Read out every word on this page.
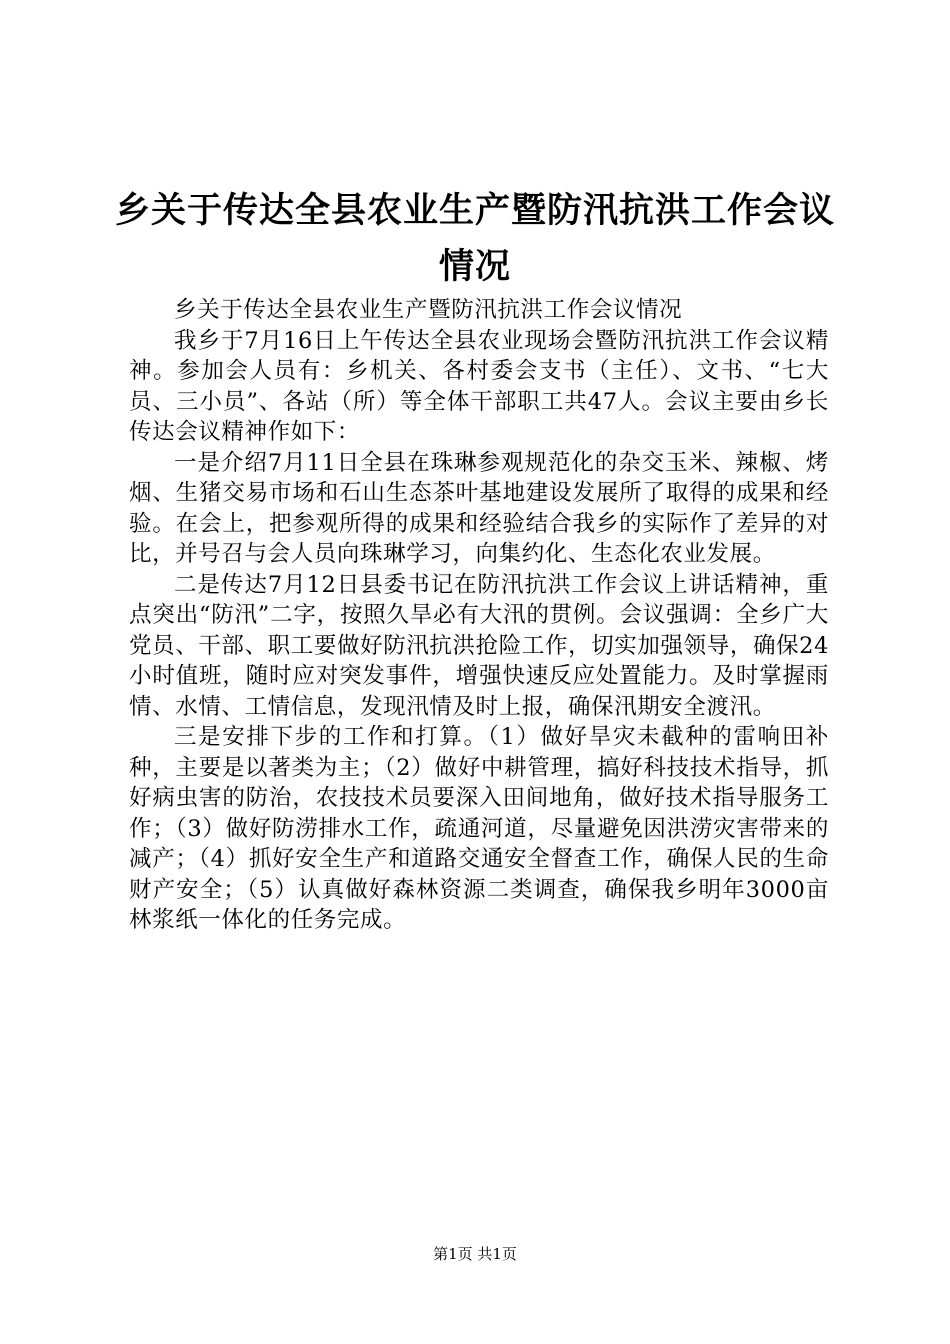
乡关于传达全县农业生产暨防汛抗洪工作会议情况

乡关于传达全县农业生产暨防汛抗洪工作会议情况

我乡于7月16日上午传达全县农业现场会暨防汛抗洪工作会议精神。参加会人员有：乡机关、各村委会支书（主任）、文书、“七大员、三小员”、各站（所）等全体干部职工共47人。会议主要由乡长传达会议精神作如下：

一是介绍7月11日全县在珠琳参观规范化的杂交玉米、辣椒、烤烟、生猪交易市场和石山生态茶叶基地建设发展所了取得的成果和经验。在会上，把参观所得的成果和经验结合我乡的实际作了差异的对比，并号召与会人员向珠琳学习，向集约化、生态化农业发展。

二是传达7月12日县委书记在防汛抗洪工作会议上讲话精神，重点突出“防汛”二字，按照久旱必有大汛的贯例。会议强调：全乡广大党员、干部、职工要做好防汛抗洪抢险工作，切实加强领导，确保24小时值班，随时应对突发事件，增强快速反应处置能力。及时掌握雨情、水情、工情信息，发现汛情及时上报，确保汛期安全渡汛。

三是安排下步的工作和打算。（1）做好旱灾未截种的雷响田补种，主要是以著类为主；（2）做好中耕管理，搞好科技技术指导，抓好病虫害的防治，农技技术员要深入田间地角，做好技术指导服务工作；（3）做好防涝排水工作，疏通河道，尽量避免因洪涝灾害带来的减产；（4）抓好安全生产和道路交通安全督查工作，确保人民的生命财产安全；（5）认真做好森林资源二类调查，确保我乡明年3000亩林浆纸一体化的任务完成。

第1页 共1页
